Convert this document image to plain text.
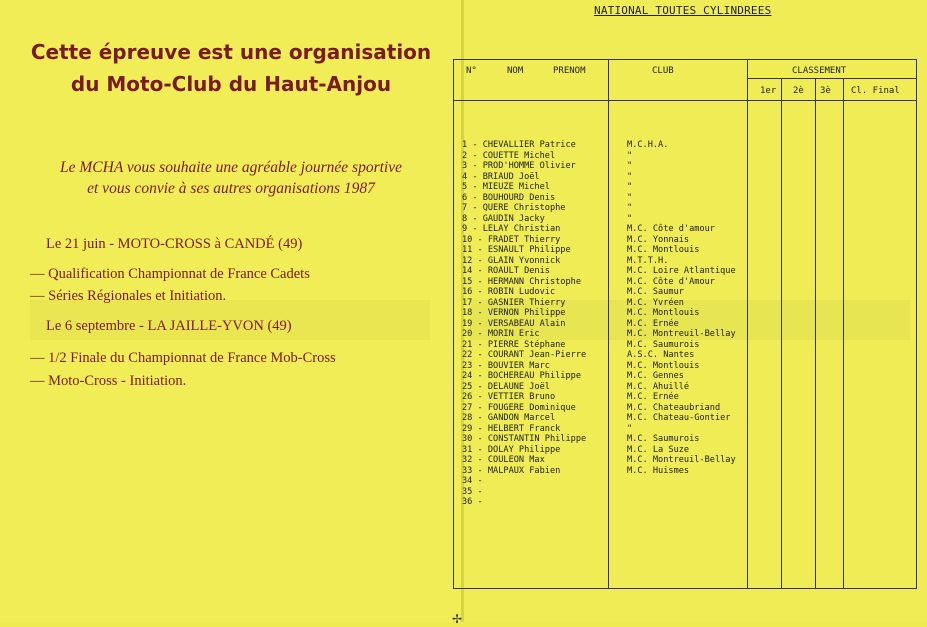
Cette épreuve est une organisation
du Moto-Club du Haut-Anjou
Le MCHA vous souhaite une agréable journée sportive
et vous convie à ses autres organisations 1987
Le 21 juin - MOTO-CROSS à CANDÉ (49)
— Qualification Championnat de France Cadets
— Séries Régionales et Initiation.
Le 6 septembre - LA JAILLE-YVON (49)
— 1/2 Finale du Championnat de France Mob-Cross
— Moto-Cross - Initiation.
NATIONAL TOUTES CYLINDREES
N°	NOM	PRENOM	CLUB	CLASSEMENT
1er 2è 3è Cl. Final
1 - CHEVALLIER Patrice	M.C.H.A.
2 - COUETTE Michel	"
3 - PROD'HOMME Olivier	"
4 - BRIAUD Joël	"
5 - MIEUZE Michel	"
6 - BOUHOURD Denis	"
7 - QUERE Christophe	"
8 - GAUDIN Jacky	"
9 - LELAY Christian	M.C. Côte d'amour
10 - FRADET Thierry	M.C. Yonnais
11 - ESNAULT Philippe	M.C. Montlouis
12 - GLAIN Yvonnick	M.T.T.H.
14 - ROAULT Denis	M.C. Loire Atlantique
15 - HERMANN Christophe	M.C. Côte d'Amour
16 - ROBIN Ludovic	M.C. Saumur
17 - GASNIER Thierry	M.C. Yvréen
18 - VERNON Philippe	M.C. Montlouis
19 - VERSABEAU Alain	M.C. Ernée
20 - MORIN Eric	M.C. Montreuil-Bellay
21 - PIERRE Stéphane	M.C. Saumurois
22 - COURANT Jean-Pierre	A.S.C. Nantes
23 - BOUVIER Marc	M.C. Montlouis
24 - BOCHEREAU Philippe	M.C. Gennes
25 - DELAUNE Joël	M.C. Ahuillé
26 - VETTIER Bruno	M.C. Ernée
27 - FOUGERE Dominique	M.C. Chateaubriand
28 - GANDON Marcel	M.C. Chateau-Gontier
29 - HELBERT Franck	"
30 - CONSTANTIN Philippe	M.C. Saumurois
31 - DOLAY Philippe	M.C. La Suze
32 - COULEON Max	M.C. Montreuil-Bellay
33 - MALPAUX Fabien	M.C. Huismes
34 -
35 -
36 -
✢
